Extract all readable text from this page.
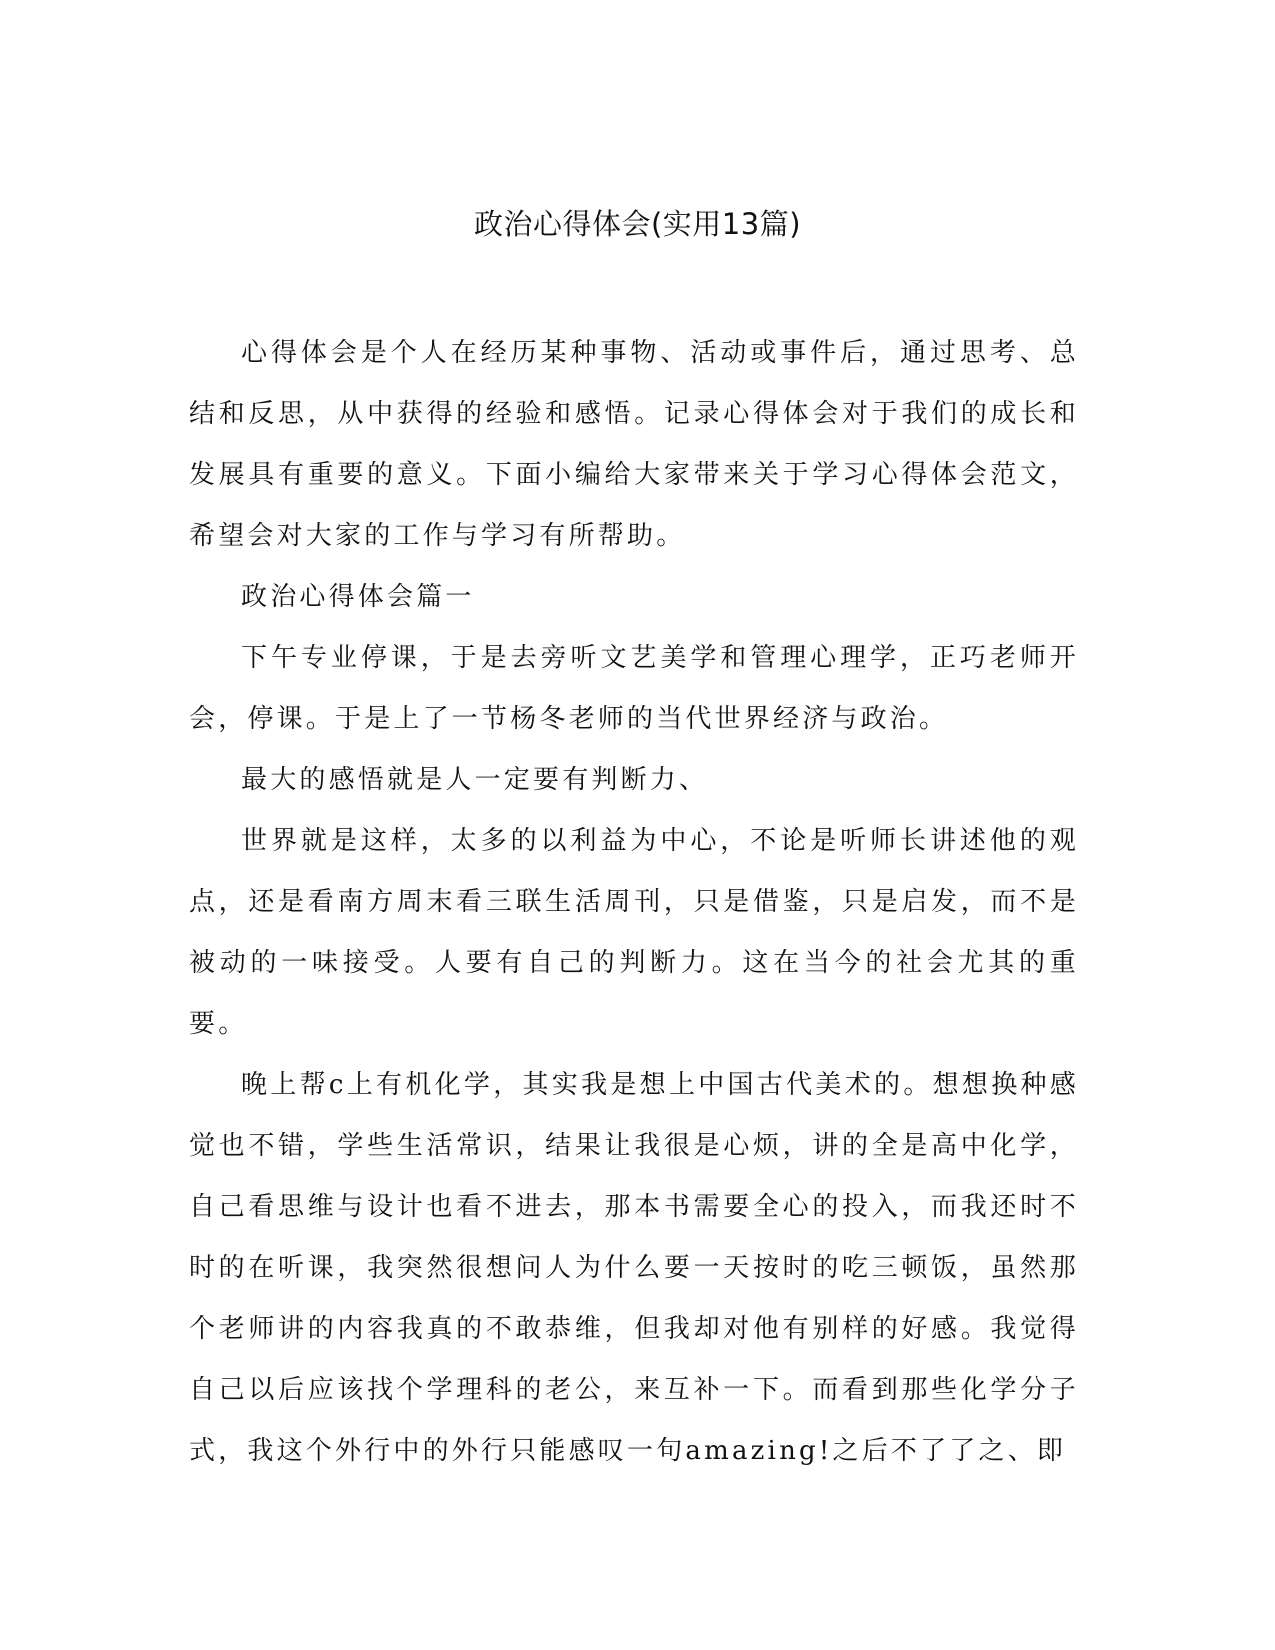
政治心得体会(实用13篇)

心得体会是个人在经历某种事物、活动或事件后，通过思考、总结和反思，从中获得的经验和感悟。记录心得体会对于我们的成长和发展具有重要的意义。下面小编给大家带来关于学习心得体会范文，希望会对大家的工作与学习有所帮助。

政治心得体会篇一

下午专业停课，于是去旁听文艺美学和管理心理学，正巧老师开会，停课。于是上了一节杨冬老师的当代世界经济与政治。

最大的感悟就是人一定要有判断力、

世界就是这样，太多的以利益为中心，不论是听师长讲述他的观点，还是看南方周末看三联生活周刊，只是借鉴，只是启发，而不是被动的一味接受。人要有自己的判断力。这在当今的社会尤其的重要。

晚上帮c上有机化学，其实我是想上中国古代美术的。想想换种感觉也不错，学些生活常识，结果让我很是心烦，讲的全是高中化学，自己看思维与设计也看不进去，那本书需要全心的投入，而我还时不时的在听课，我突然很想问人为什么要一天按时的吃三顿饭，虽然那个老师讲的内容我真的不敢恭维，但我却对他有别样的好感。我觉得自己以后应该找个学理科的老公，来互补一下。而看到那些化学分子式，我这个外行中的外行只能感叹一句amazing!之后不了了之、即
